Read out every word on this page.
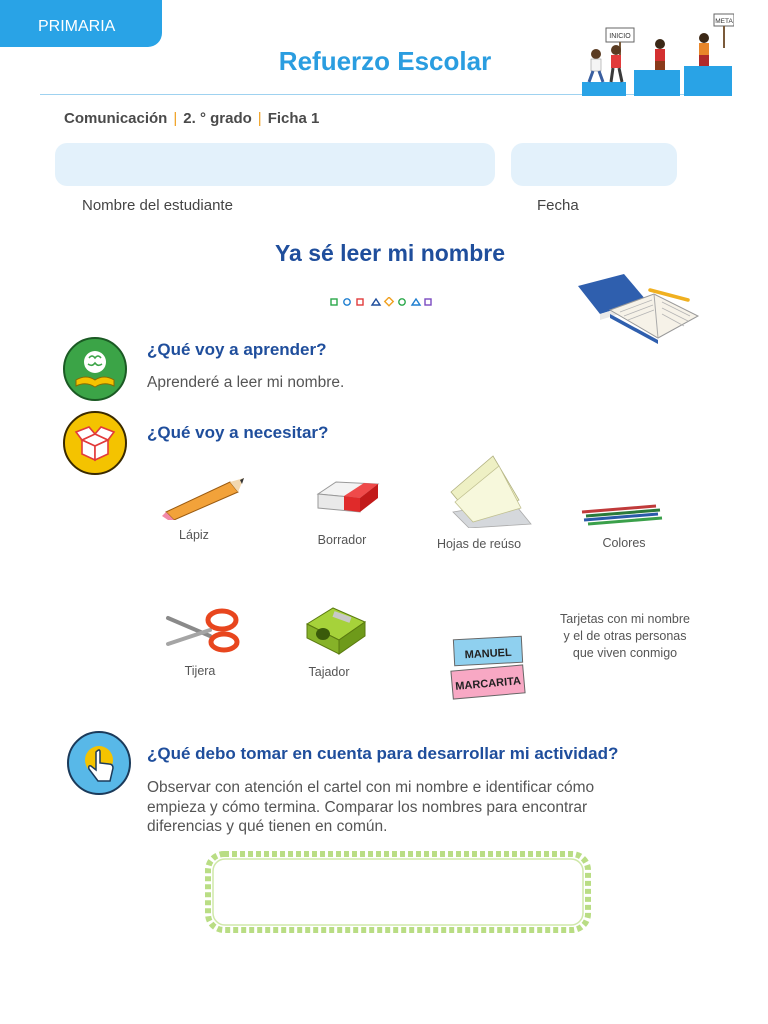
PRIMARIA
Refuerzo Escolar
INICIO
META
Comunicación | 2. ° grado | Ficha 1
Nombre del estudiante	Fecha
Ya sé leer mi nombre
¿Qué voy a aprender?
Aprenderé a leer mi nombre.
¿Qué voy a necesitar?
Lápiz	Borrador	Hojas de reúso	Colores
Tijera	Tajador
MANUEL
MARCARITA
Tarjetas con mi nombre
y el de otras personas
que viven conmigo
¿Qué debo tomar en cuenta para desarrollar mi actividad?
Observar con atención el cartel con mi nombre e identificar cómo
empieza y cómo termina. Comparar los nombres para encontrar
diferencias y qué tienen en común.
